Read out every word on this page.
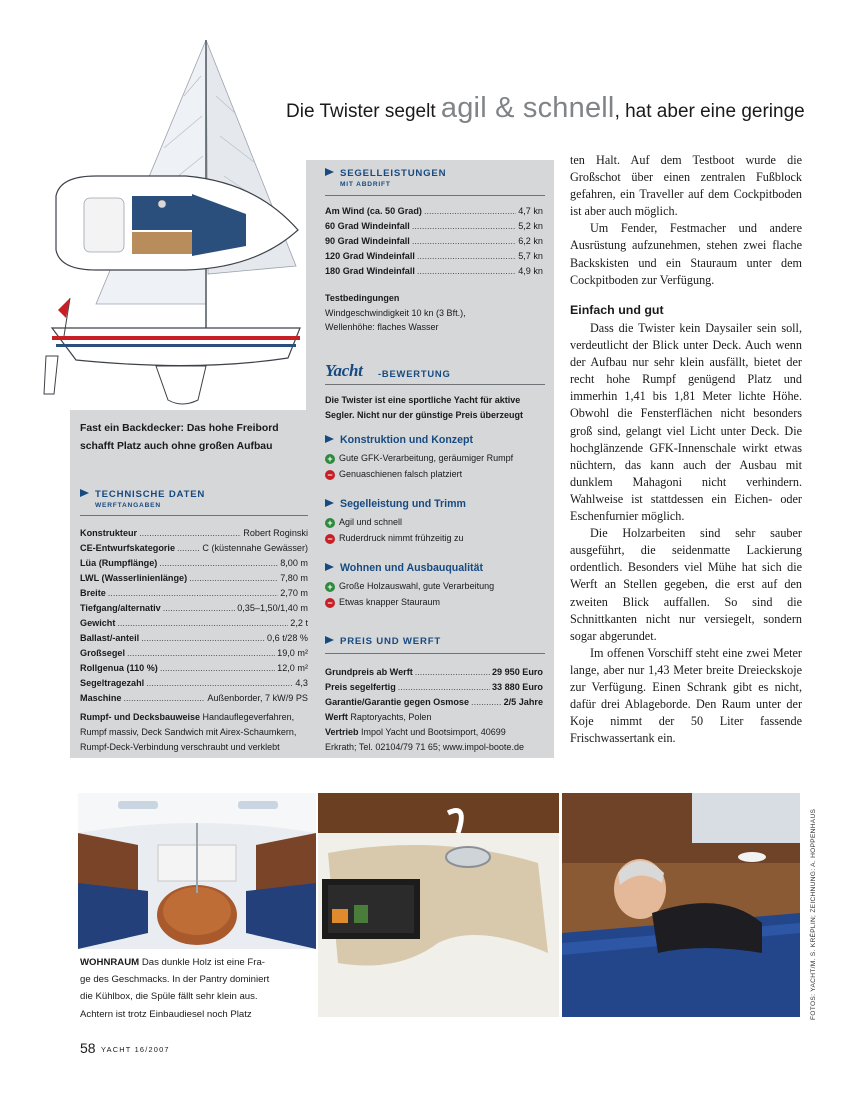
Die Twister segelt agil & schnell, hat aber eine geringe
Fast ein Backdecker: Das hohe Freibord schafft Platz auch ohne großen Aufbau
TECHNISCHE DATEN
WERFTANGABEN
Konstrukteur .....	Robert Roginski
CE-Entwurfskategorie .....	C (küstennahe Gewässer)
Lüa (Rumpflänge) .....	8,00 m
LWL (Wasserlinienlänge) .....	7,80 m
Breite .....	2,70 m
Tiefgang/alternativ .....	0,35–1,50/1,40 m
Gewicht .....	2,2 t
Ballast/-anteil .....	0,6 t/28 %
Großsegel .....	19,0 m²
Rollgenua (110 %) .....	12,0 m²
Segeltragezahl .....	4,3
Maschine .....	Außenborder, 7 kW/9 PS
Rumpf- und Decksbauweise Handauflegeverfahren,
Rumpf massiv, Deck Sandwich mit Airex-Schaumkern,
Rumpf-Deck-Verbindung verschraubt und verklebt
SEGELLEISTUNGEN
MIT ABDRIFT
Am Wind (ca. 50 Grad) .....	4,7 kn
60 Grad Windeinfall .....	5,2 kn
90 Grad Windeinfall .....	6,2 kn
120 Grad Windeinfall .....	5,7 kn
180 Grad Windeinfall .....	4,9 kn
Testbedingungen
Windgeschwindigkeit 10 kn (3 Bft.),
Wellenhöhe: flaches Wasser
Yacht -BEWERTUNG
Die Twister ist eine sportliche Yacht für aktive
Segler. Nicht nur der günstige Preis überzeugt
Konstruktion und Konzept
+ Gute GFK-Verarbeitung, geräumiger Rumpf
− Genuaschienen falsch platziert
Segelleistung und Trimm
+ Agil und schnell
− Ruderdruck nimmt frühzeitig zu
Wohnen und Ausbauqualität
+ Große Holzauswahl, gute Verarbeitung
− Etwas knapper Stauraum
PREIS UND WERFT
Grundpreis ab Werft .....	29 950 Euro
Preis segelfertig .....	33 880 Euro
Garantie/Garantie gegen Osmose .....	2/5 Jahre
Werft Raptoryachts, Polen
Vertrieb Impol Yacht und Bootsimport, 40699
Erkrath; Tel. 02104/79 71 65; www.impol-boote.de

ten Halt. Auf dem Testboot wurde die Großschot über einen zentralen Fußblock gefahren, ein Traveller auf dem Cockpitboden ist aber auch möglich.

Um Fender, Festmacher und andere Ausrüstung aufzunehmen, stehen zwei flache Backskisten und ein Stauraum unter dem Cockpitboden zur Verfügung.

Einfach und gut

Dass die Twister kein Daysailer sein soll, verdeutlicht der Blick unter Deck. Auch wenn der Aufbau nur sehr klein ausfällt, bietet der recht hohe Rumpf genügend Platz und immerhin 1,41 bis 1,81 Meter lichte Höhe. Obwohl die Fensterflächen nicht besonders groß sind, gelangt viel Licht unter Deck. Die hochglänzende GFK-Innenschale wirkt etwas nüchtern, das kann auch der Ausbau mit dunklem Mahagoni nicht verhindern. Wahlweise ist stattdessen ein Eichen- oder Eschenfurnier möglich.

Die Holzarbeiten sind sehr sauber ausgeführt, die seidenmatte Lackierung ordentlich. Besonders viel Mühe hat sich die Werft an Stellen gegeben, die erst auf den zweiten Blick auffallen. So sind die Schnittkanten nicht nur versiegelt, sondern sogar abgerundet.

Im offenen Vorschiff steht eine zwei Meter lange, aber nur 1,43 Meter breite Dreieckskoje zur Verfügung. Einen Schrank gibt es nicht, dafür drei Ablageborde. Den Raum unter der Koje nimmt der 50 Liter fassende Frischwassertank ein.

WOHNRAUM Das dunkle Holz ist eine Fra-
ge des Geschmacks. In der Pantry dominiert
die Kühlbox, die Spüle fällt sehr klein aus.
Achtern ist trotz Einbaudiesel noch Platz	FOTOS: YACHT/M. S. KRÉPLIN; ZEICHNUNG: A. HOPPENHAUS
58 YACHT 16/2007
